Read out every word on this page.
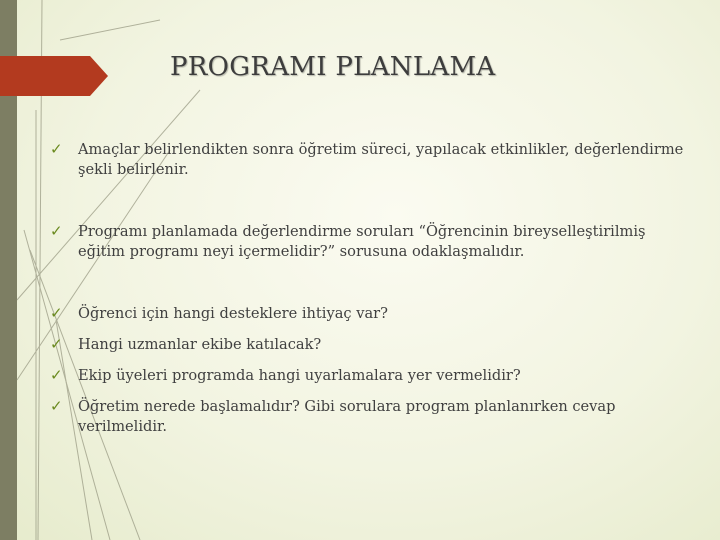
PROGRAMI PLANLAMA
✓ Amaçlar belirlendikten sonra öğretim süreci, yapılacak etkinlikler, değerlendirme şekli belirlenir.
✓ Programı planlamada değerlendirme soruları “Öğrencinin bireyselleştirilmiş eğitim programı neyi içermelidir?” sorusuna odaklaşmalıdır.
✓ Öğrenci için hangi desteklere ihtiyaç var?
✓ Hangi uzmanlar ekibe katılacak?
✓ Ekip üyeleri programda hangi uyarlamalara yer vermelidir?
✓ Öğretim nerede başlamalıdır? Gibi sorulara program planlanırken cevap verilmelidir.
